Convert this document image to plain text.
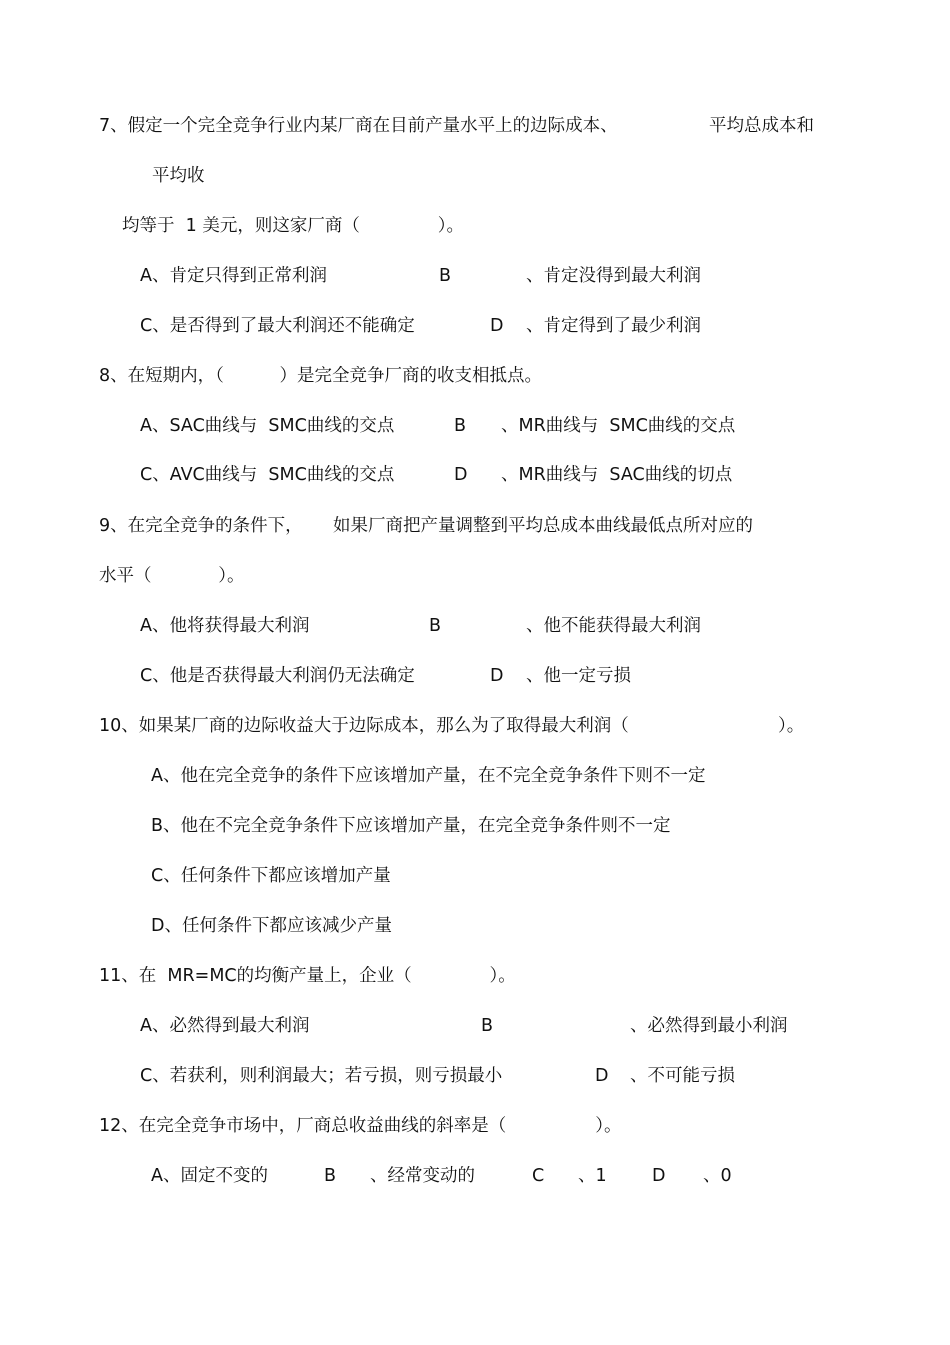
7、假定一个完全竞争行业内某厂商在目前产量水平上的边际成本、	平均总成本和
平均收
均等于  1 美元，则这家厂商（              ）。
A、肯定只得到正常利润	B	、肯定没得到最大利润
C、是否得到了最大利润还不能确定	D 、肯定得到了最少利润
8、在短期内，（          ）是完全竞争厂商的收支相抵点。
A、SAC曲线与  SMC曲线的交点	B 、MR曲线与  SMC曲线的交点
C、AVC曲线与  SMC曲线的交点	D 、MR曲线与  SAC曲线的切点
9、在完全竞争的条件下， 如果厂商把产量调整到平均总成本曲线最低点所对应的
水平（            ）。
A、他将获得最大利润	B	、他不能获得最大利润
C、他是否获得最大利润仍无法确定	D 、他一定亏损
10、如果某厂商的边际收益大于边际成本，那么为了取得最大利润（	）。
A、他在完全竞争的条件下应该增加产量，在不完全竞争条件下则不一定
B、他在不完全竞争条件下应该增加产量，在完全竞争条件则不一定
C、任何条件下都应该增加产量
D、任何条件下都应该减少产量
11、在  MR=MC的均衡产量上，企业（              ）。
A、必然得到最大利润	B	、必然得到最小利润
C、若获利，则利润最大；若亏损，则亏损最小	D 、不可能亏损
12、在完全竞争市场中，厂商总收益曲线的斜率是（                ）。
A、固定不变的	B 、经常变动的	C 、1	D 、0
